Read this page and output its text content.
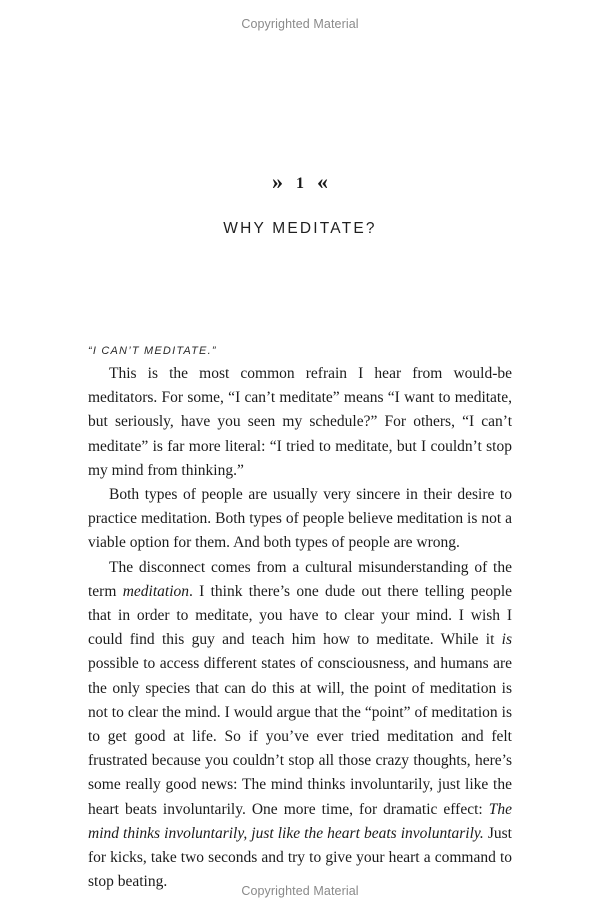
Copyrighted Material
» 1 «
WHY MEDITATE?
“I CAN’T MEDITATE.”

This is the most common refrain I hear from would-be meditators. For some, “I can’t meditate” means “I want to meditate, but seriously, have you seen my schedule?” For others, “I can’t meditate” is far more literal: “I tried to meditate, but I couldn’t stop my mind from thinking.”

Both types of people are usually very sincere in their desire to practice meditation. Both types of people believe meditation is not a viable option for them. And both types of people are wrong.

The disconnect comes from a cultural misunderstanding of the term meditation. I think there’s one dude out there telling people that in order to meditate, you have to clear your mind. I wish I could find this guy and teach him how to meditate. While it is possible to access different states of consciousness, and humans are the only species that can do this at will, the point of meditation is not to clear the mind. I would argue that the “point” of meditation is to get good at life. So if you’ve ever tried meditation and felt frustrated because you couldn’t stop all those crazy thoughts, here’s some really good news: The mind thinks involuntarily, just like the heart beats involuntarily. One more time, for dramatic effect: The mind thinks involuntarily, just like the heart beats involuntarily. Just for kicks, take two seconds and try to give your heart a command to stop beating.

Copyrighted Material
